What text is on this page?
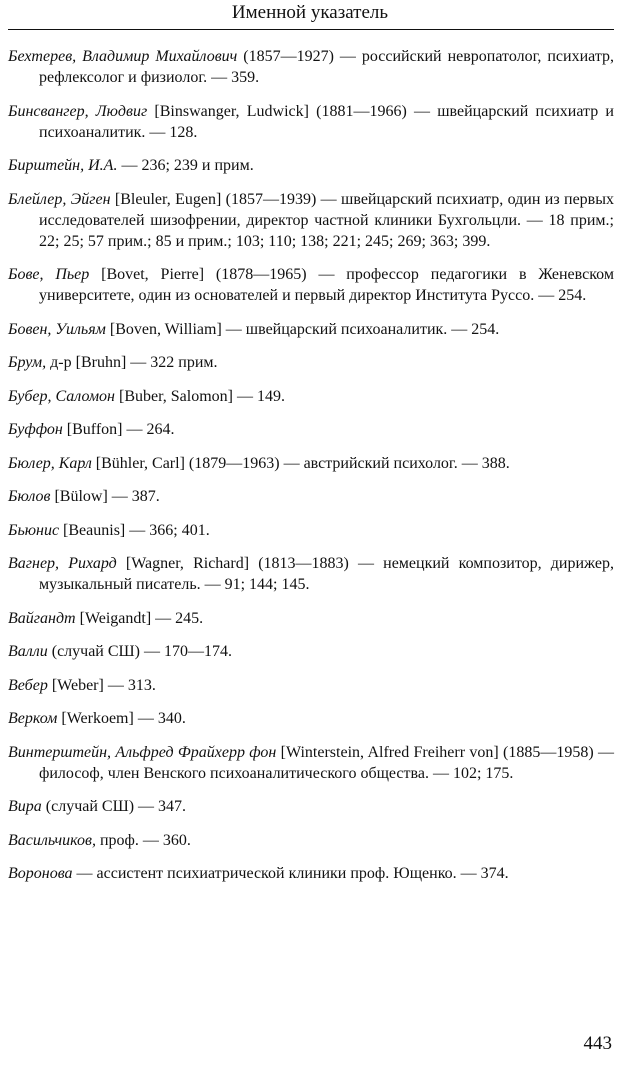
Именной указатель

Бехтерев, Владимир Михайлович (1857—1927) — российский невропатолог, психиатр, рефлексолог и физиолог. — 359.

Бинсвангер, Людвиг [Binswanger, Ludwick] (1881—1966) — швейцарский психиатр и психоаналитик. — 128.

Бирштейн, И.А. — 236; 239 и прим.

Блейлер, Эйген [Bleuler, Eugen] (1857—1939) — швейцарский психиатр, один из первых исследователей шизофрении, директор частной клиники Бухгольцли. — 18 прим.; 22; 25; 57 прим.; 85 и прим.; 103; 110; 138; 221; 245; 269; 363; 399.

Бове, Пьер [Bovet, Pierre] (1878—1965) — профессор педагогики в Женевском университете, один из основателей и первый директор Института Руссо. — 254.

Бовен, Уильям [Boven, William] — швейцарский психоаналитик. — 254.

Брум, д-р [Bruhn] — 322 прим.

Бубер, Саломон [Buber, Salomon] — 149.

Буффон [Buffon] — 264.

Бюлер, Карл [Bühler, Carl] (1879—1963) — австрийский психолог. — 388.

Бюлов [Bülow] — 387.

Бьюнис [Beaunis] — 366; 401.

Вагнер, Рихард [Wagner, Richard] (1813—1883) — немецкий композитор, дирижер, музыкальный писатель. — 91; 144; 145.

Вайгандт [Weigandt] — 245.

Валли (случай СШ) — 170—174.

Вебер [Weber] — 313.

Верком [Werkoem] — 340.

Винтерштейн, Альфред Фрайхерр фон [Winterstein, Alfred Freiherr von] (1885—1958) — философ, член Венского психоаналитического общества. — 102; 175.

Вира (случай СШ) — 347.

Васильчиков, проф. — 360.

Воронова — ассистент психиатрической клиники проф. Ющенко. — 374.

443
